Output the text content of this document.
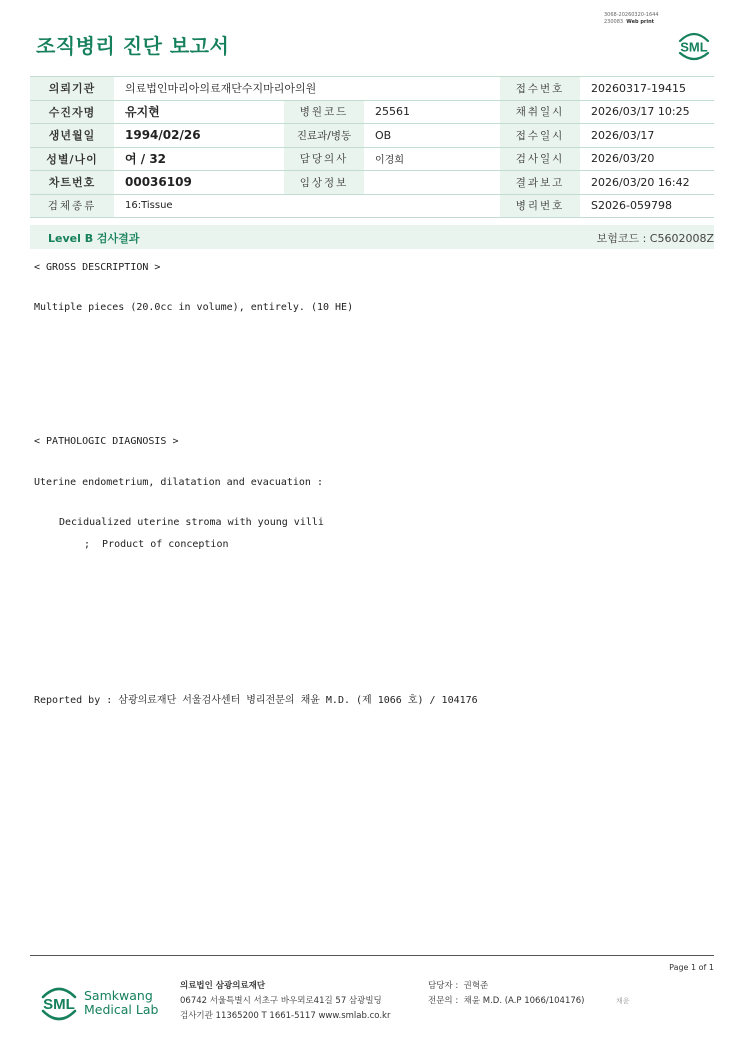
3068-20260320-1644
230083 Web print
조직병리 진단 보고서	SML
의뢰기관	의료법인마리아의료재단수지마리아의원			접수번호	20260317-19415
수진자명	유지현	병원코드	25561	채취일시	2026/03/17 10:25
생년월일	1994/02/26	진료과/병동	OB	접수일시	2026/03/17
성별/나이	여 / 32	담당의사	이경희	검사일시	2026/03/20
차트번호	00036109	임상정보		결과보고	2026/03/20 16:42
검체종류	16:Tissue			병리번호	S2026-059798
Level B 검사결과	보험코드 : C5602008Z
< GROSS DESCRIPTION >
Multiple pieces (20.0cc in volume), entirely. (10 HE)
< PATHOLOGIC DIAGNOSIS >
Uterine endometrium, dilatation and evacuation :
Decidualized uterine stroma with young villi
;  Product of conception
Reported by : 삼광의료재단 서울검사센터 병리전문의 채윤 M.D. (제 1066 호) / 104176
Page 1 of 1
SML
Samkwang
Medical Lab
의료법인 삼광의료재단
06742 서울특별시 서초구 바우뫼로41길 57 삼광빌딩
검사기관 11365200 T 1661-5117 www.smlab.co.kr
담당자 : 권혁준
전문의 : 채윤 M.D. (A.P 1066/104176)	채윤
